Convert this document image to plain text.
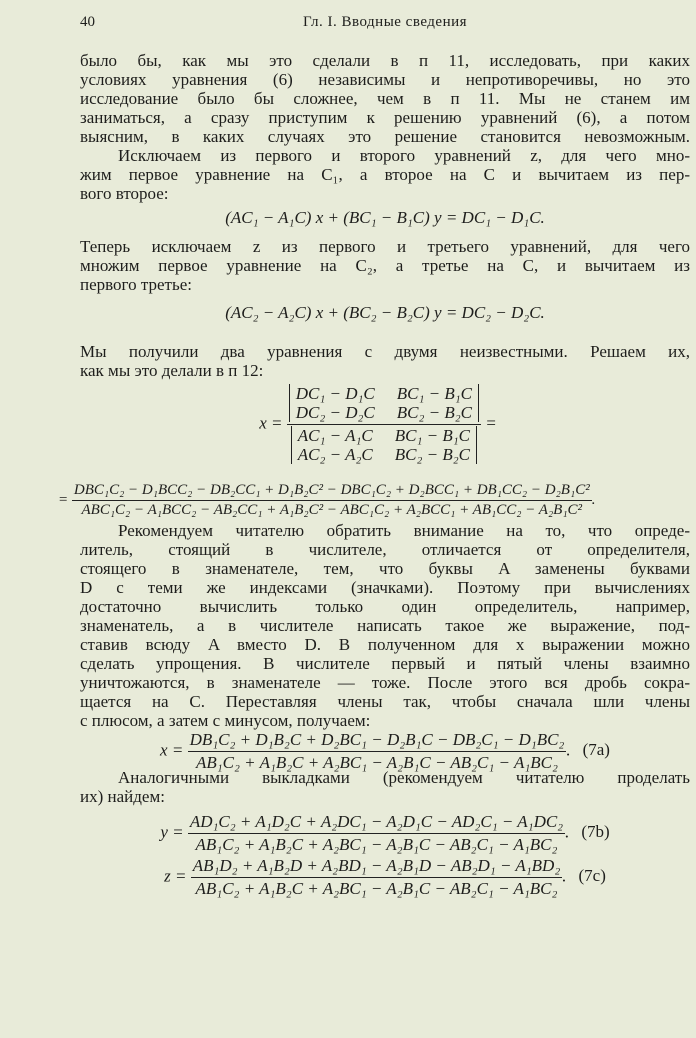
40	Гл. I. Вводные сведения
было бы, как мы это сделали в п 11, исследовать, при каких
условиях уравнения (6) независимы и непротиворечивы, но это
исследование было бы сложнее, чем в п 11. Мы не станем им
заниматься, а сразу приступим к решению уравнений (6), а потом
выясним, в каких случаях это решение становится невозможным.
Исключаем из первого и второго уравнений z, для чего мно-
жим первое уравнение на C₁, а второе на C и вычитаем из пер-
вого второе:
(AC₁ − A₁C) x + (BC₁ − B₁C) y = DC₁ − D₁C.
Теперь исключаем z из первого и третьего уравнений, для чего
множим первое уравнение на C₂, а третье на C, и вычитаем из
первого третье:
(AC₂ − A₂C) x + (BC₂ − B₂C) y = DC₂ − D₂C.
Мы получили два уравнения с двумя неизвестными. Решаем их,
как мы это делали в п 12:
x = DC₁ − D₁C BC₁ − B₁C
DC₂ − D₂C BC₂ − B₂C
AC₁ − A₁C BC₁ − B₁C
AC₂ − A₂C BC₂ − B₂C =
=
DBC₁C₂ − D₁BCC₂ − DB₂CC₁ + D₁B₂C² − DBC₁C₂ + D₂BCC₁ + DB₁CC₂ − D₂B₁C²
ABC₁C₂ − A₁BCC₂ − AB₂CC₁ + A₁B₂C² − ABC₁C₂ + A₂BCC₁ + AB₁CC₂ − A₂B₁C²
.
Рекомендуем читателю обратить внимание на то, что опреде-
литель, стоящий в числителе, отличается от определителя,
стоящего в знаменателе, тем, что буквы A заменены буквами
D с теми же индексами (значками). Поэтому при вычислениях
достаточно вычислить только один определитель, например,
знаменатель, а в числителе написать такое же выражение, под-
ставив всюду A вместо D. В полученном для x выражении можно
сделать упрощения. В числителе первый и пятый члены взаимно
уничтожаются, в знаменателе — тоже. После этого вся дробь сокра-
щается на C. Переставляя члены так, чтобы сначала шли члены
с плюсом, а затем с минусом, получаем:
$x = \frac{\text{DB₁C₂ + D₁B₂C + D₂BC₁ − D₂B₁C − DB₂C₁ − D₁BC₂}}{\text{AB₁C₂ + A₁B₂C + A₂BC₁ − A₂B₁C − AB₂C₁ − A₁BC₂}}$ . (7a)
Аналогичными выкладками (рекомендуем читателю проделать
их) найдем:
$y = \frac{\text{AD₁C₂ + A₁D₂C + A₂DC₁ − A₂D₁C − AD₂C₁ − A₁DC₂}}{\text{AB₁C₂ + A₁B₂C + A₂BC₁ − A₂B₁C − AB₂C₁ − A₁BC₂}}$ . (7b)
$z = \frac{\text{AB₁D₂ + A₁B₂D + A₂BD₁ − A₂B₁D − AB₂D₁ − A₁BD₂}}{\text{AB₁C₂ + A₁B₂C + A₂BC₁ − A₂B₁C − AB₂C₁ − A₁BC₂}}$ . (7c)
